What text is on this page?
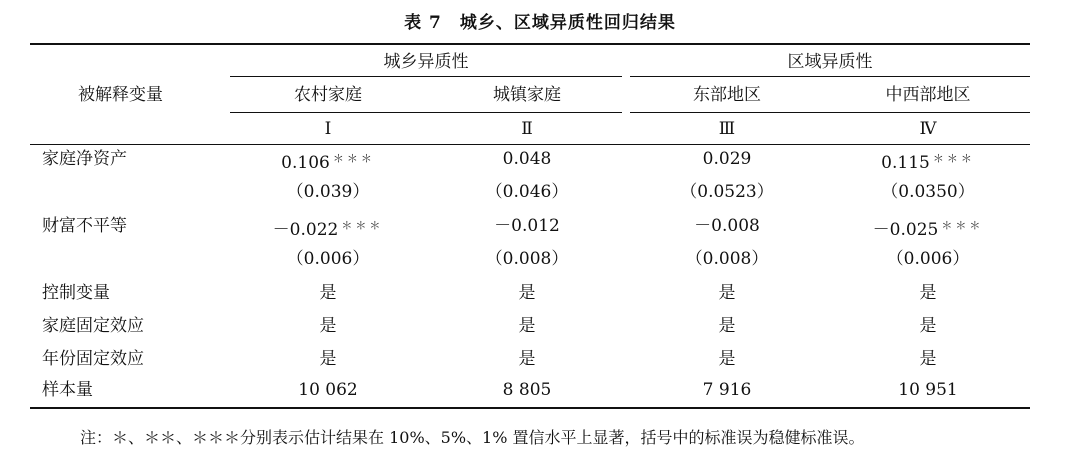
表 7　城乡、区域异质性回归结果
被解释变量
城乡异质性	区域异质性
农村家庭	城镇家庭	东部地区	中西部地区
Ⅰ	Ⅱ	Ⅲ	Ⅳ
家庭净资产	0.106 ＊＊＊	0.048	0.029	0.115 ＊＊＊
（0.039）	（0.046）	（0.0523）	（0.0350）
财富不平等	－0.022 ＊＊＊	－0.012	－0.008	－0.025 ＊＊＊
（0.006）	（0.008）	（0.008）	（0.006）
控制变量	是	是	是	是
家庭固定效应	是	是	是	是
年份固定效应	是	是	是	是
样本量	10 062	8 805	7 916	10 951
注：＊、＊＊、＊＊＊分别表示估计结果在 10%、5%、1% 置信水平上显著，括号中的标准误为稳健标准误。
